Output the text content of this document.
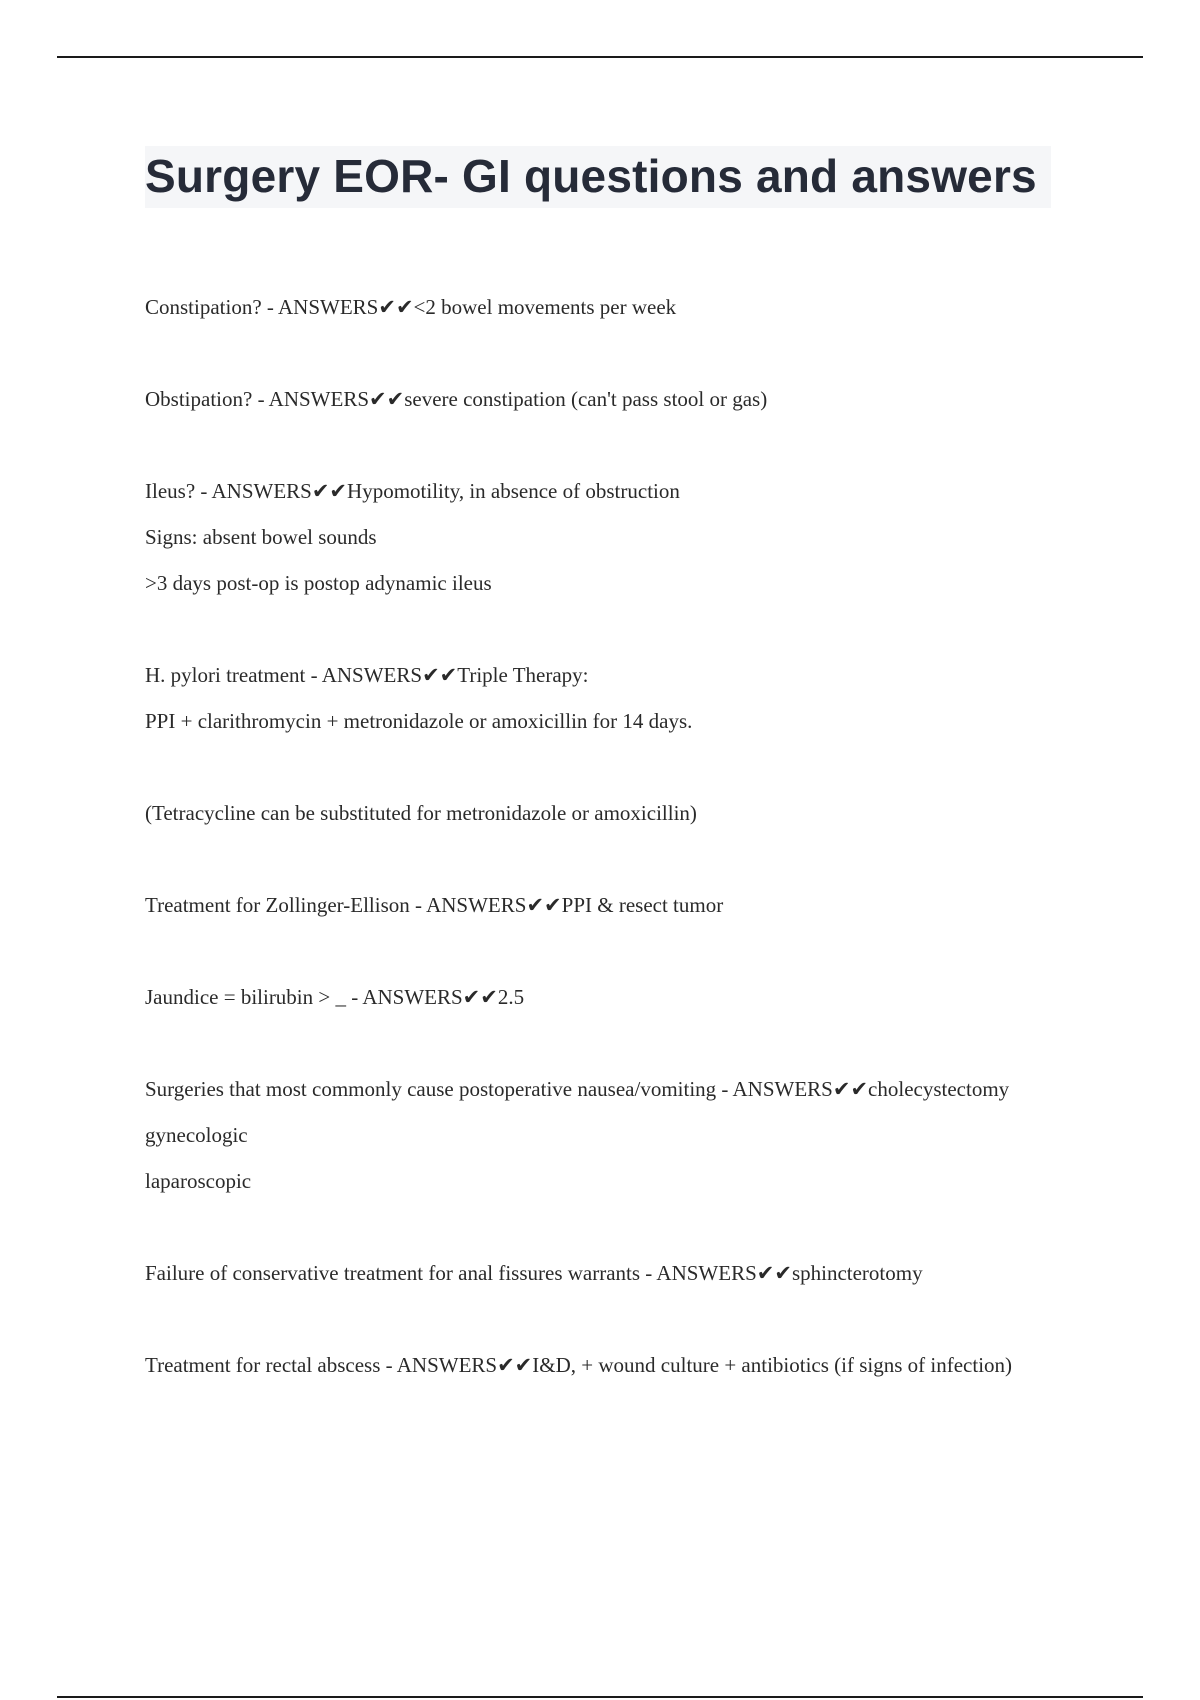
Surgery EOR- GI questions and answers

Constipation? - ANSWERS✔✔<2 bowel movements per week

Obstipation? - ANSWERS✔✔severe constipation (can't pass stool or gas)

Ileus? - ANSWERS✔✔Hypomotility, in absence of obstruction

Signs: absent bowel sounds

>3 days post-op is postop adynamic ileus

H. pylori treatment - ANSWERS✔✔Triple Therapy:

PPI + clarithromycin + metronidazole or amoxicillin for 14 days.

(Tetracycline can be substituted for metronidazole or amoxicillin)

Treatment for Zollinger-Ellison - ANSWERS✔✔PPI & resect tumor

Jaundice = bilirubin > _ - ANSWERS✔✔2.5

Surgeries that most commonly cause postoperative nausea/vomiting - ANSWERS✔✔cholecystectomy

gynecologic

laparoscopic

Failure of conservative treatment for anal fissures warrants - ANSWERS✔✔sphincterotomy

Treatment for rectal abscess - ANSWERS✔✔I&D, + wound culture + antibiotics (if signs of infection)
